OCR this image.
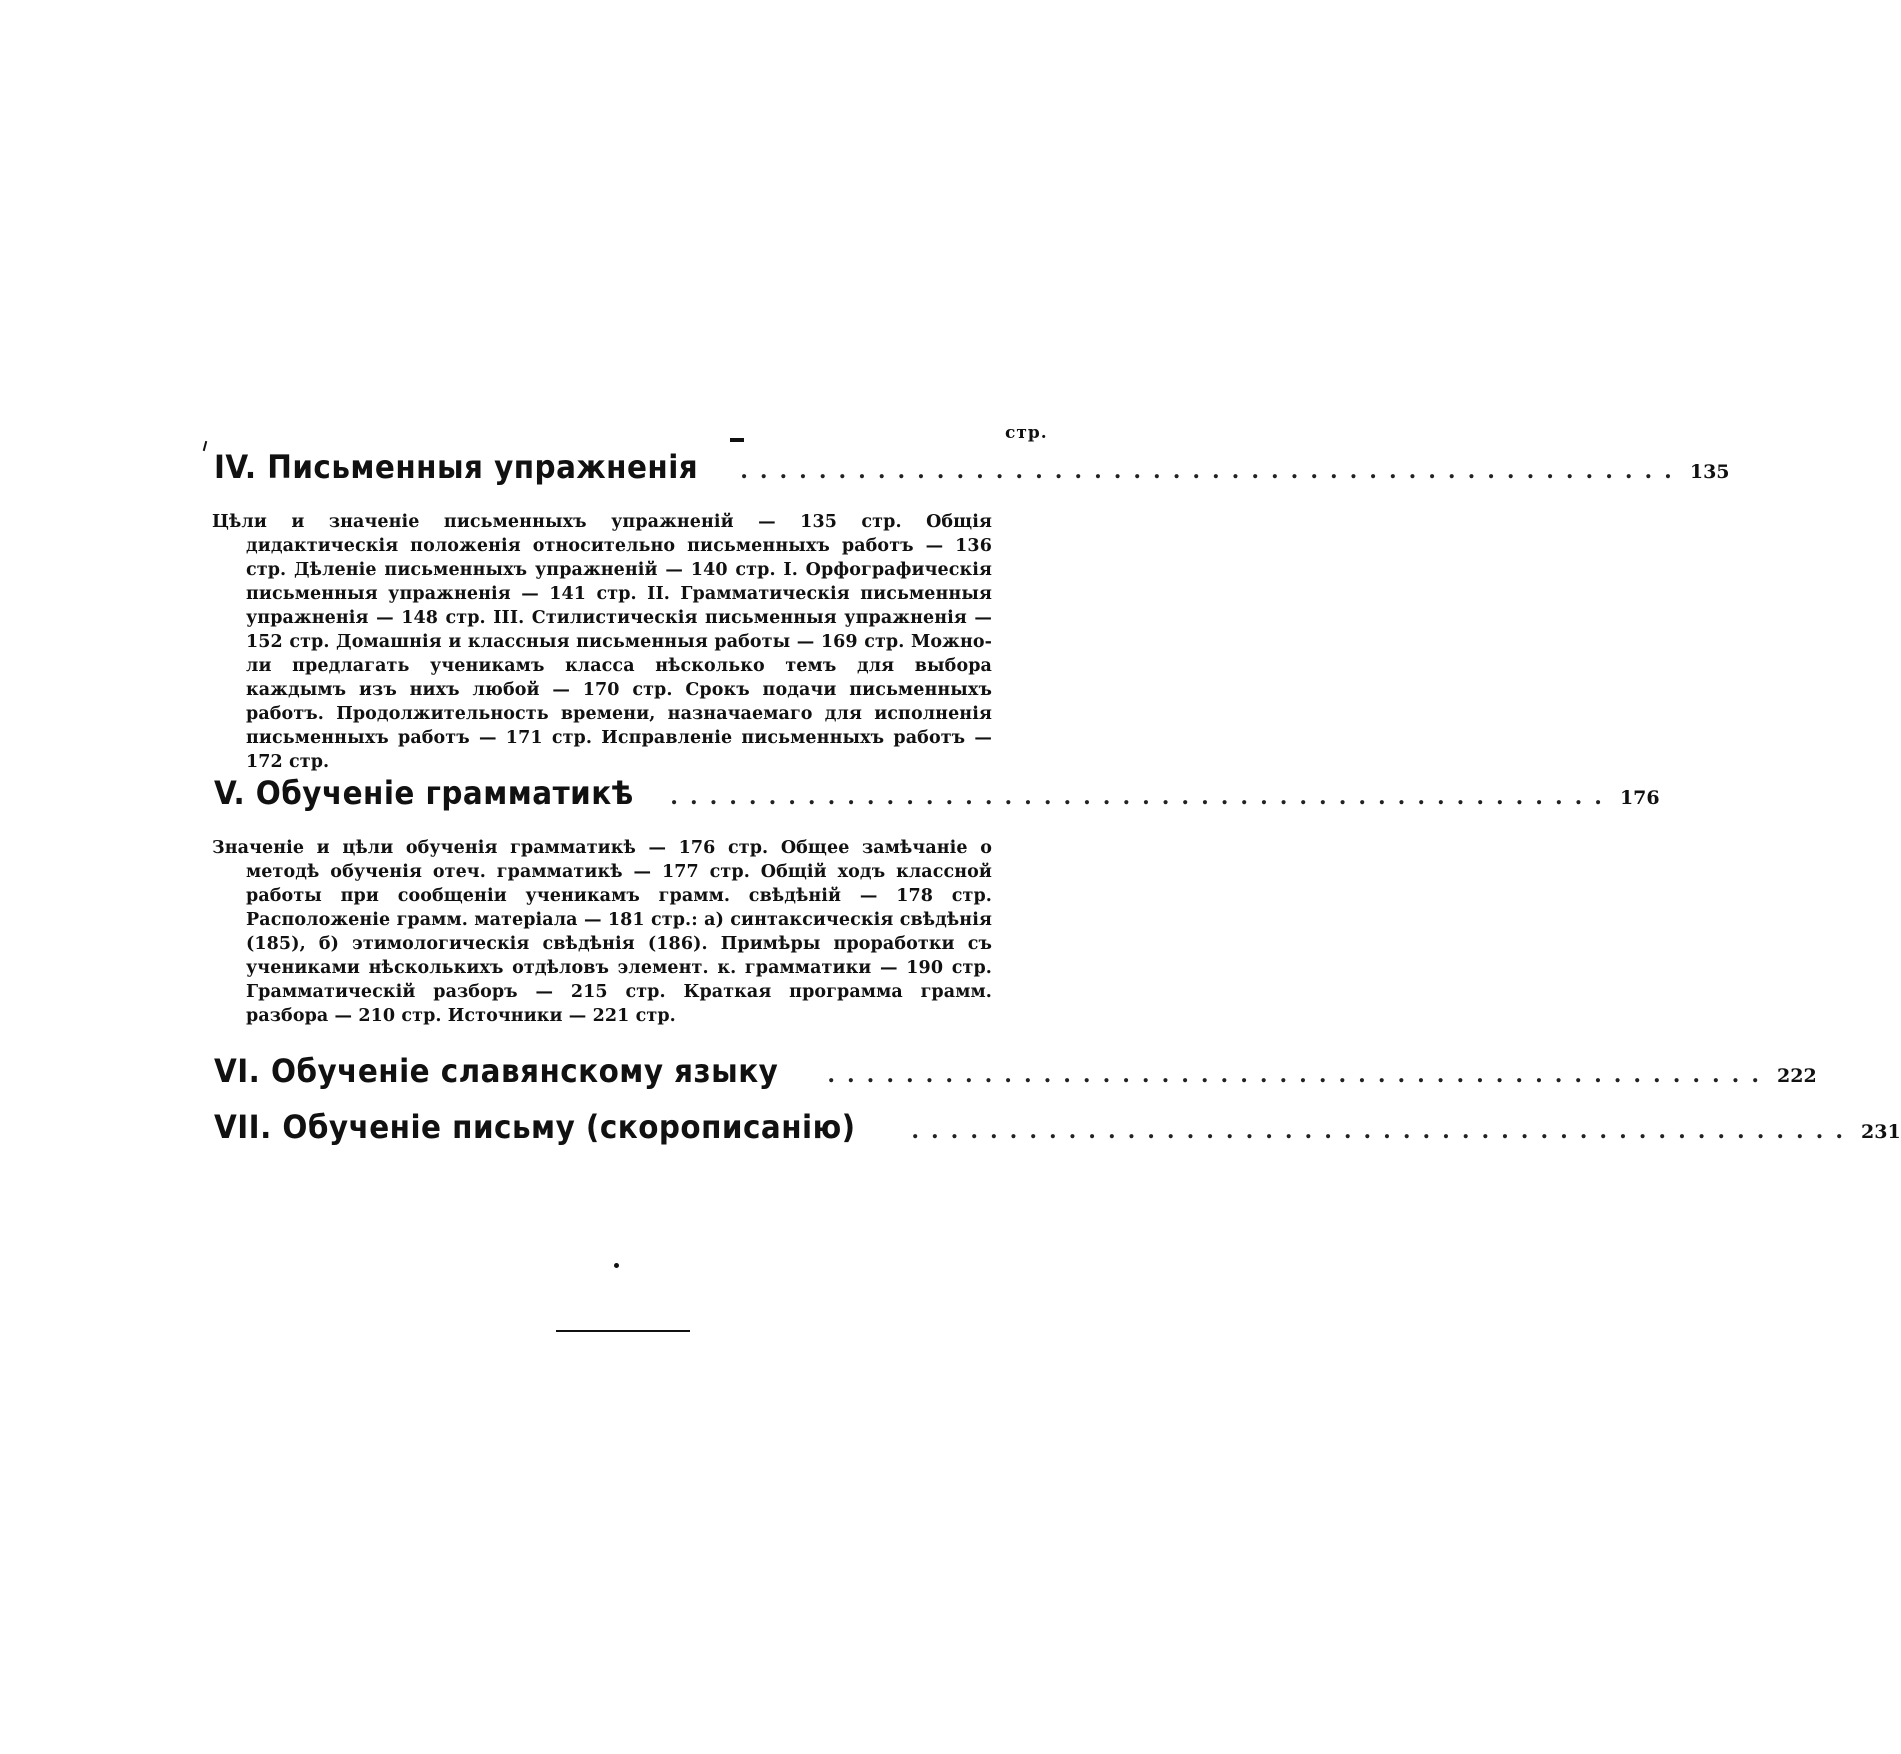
стр.
IV. Письменныя упражненія ................................................ 135

Цѣли и значеніе письменныхъ упражненій — 135 стр. Общія дидактическія положенія относительно письменныхъ работъ — 136 стр. Дѣленіе письменныхъ упражненій — 140 стр. I. Орфографическія письменныя упражненія — 141 стр. II. Грамматическія письменныя упражненія — 148 стр. III. Стилистическія письменныя упражненія — 152 стр. Домашнія и классныя письменныя работы — 169 стр. Можно-ли предлагать ученикамъ класса нѣсколько темъ для выбора каждымъ изъ нихъ любой — 170 стр. Срокъ подачи письменныхъ работъ. Продолжительность времени, назначаемаго для исполненія письменныхъ работъ — 171 стр. Исправленіе письменныхъ работъ — 172 стр.

V. Обученіе грамматикѣ ................................................ 176

Значеніе и цѣли обученія грамматикѣ — 176 стр. Общее замѣчаніе о методѣ обученія отеч. грамматикѣ — 177 стр. Общій ходъ классной работы при сообщеніи ученикамъ грамм. свѣдѣній — 178 стр. Расположеніе грамм. матеріала — 181 стр.: а) синтаксическія свѣдѣнія (185), б) этимологическія свѣдѣнія (186). Примѣры проработки съ учениками нѣсколькихъ отдѣловъ элемент. к. грамматики — 190 стр. Грамматическій разборъ — 215 стр. Краткая программа грамм. разбора — 210 стр. Источники — 221 стр.

VI. Обученіе славянскому языку ................................................ 222
VII. Обученіе письму (скорописанію)	................................................ 231
